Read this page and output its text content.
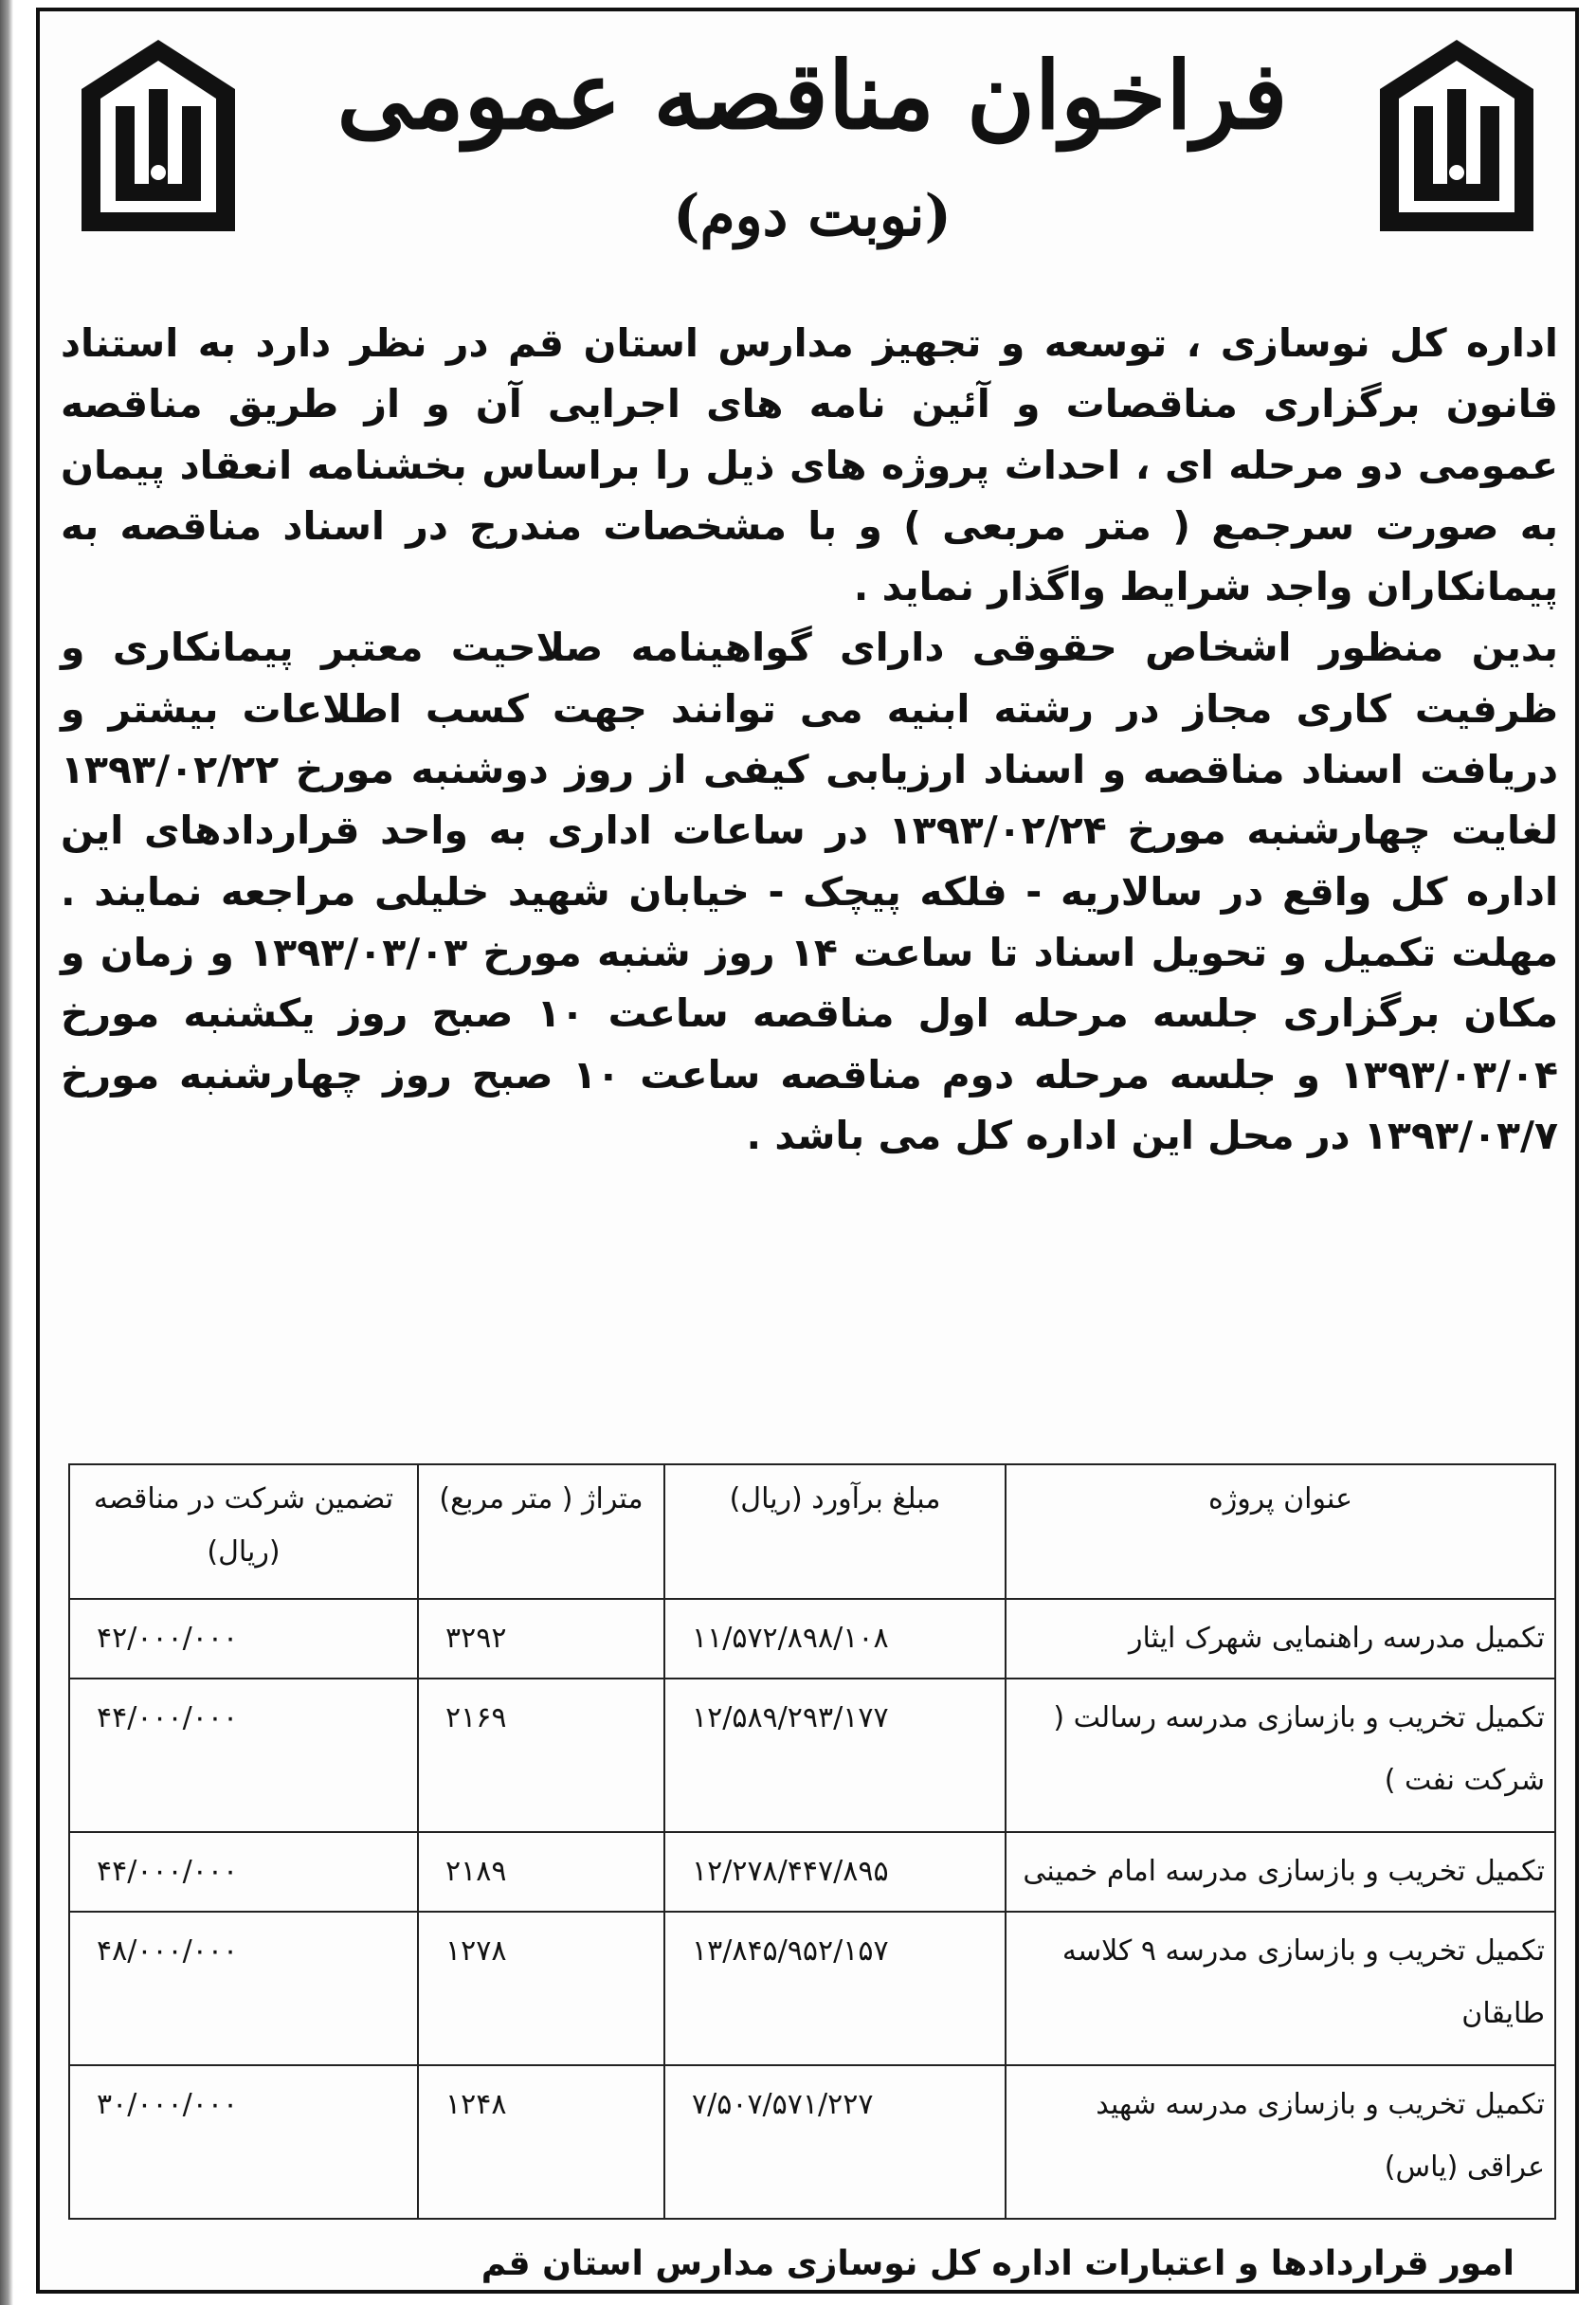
فراخوان مناقصه عمومی
(نوبت دوم)

اداره کل نوسازی ، توسعه و تجهیز مدارس استان قم در نظر دارد به استناد قانون برگزاری مناقصات و آئین نامه های اجرایی آن و از طریق مناقصه عمومی دو مرحله ای ، احداث پروژه های ذیل را براساس بخشنامه انعقاد پیمان به صورت سرجمع ( متر مربعی ) و با مشخصات مندرج در اسناد مناقصه به پیمانکاران واجد شرایط واگذار نماید .

بدین منظور اشخاص حقوقی دارای گواهینامه صلاحیت معتبر پیمانکاری و ظرفیت کاری مجاز در رشته ابنیه می توانند جهت کسب اطلاعات بیشتر و دریافت اسناد مناقصه و اسناد ارزیابی کیفی از روز دوشنبه مورخ ۱۳۹۳/۰۲/۲۲ لغایت چهارشنبه مورخ ۱۳۹۳/۰۲/۲۴ در ساعات اداری به واحد قراردادهای این اداره کل واقع در سالاریه - فلکه پیچک - خیابان شهید خلیلی مراجعه نمایند . مهلت تکمیل و تحویل اسناد تا ساعت ۱۴ روز شنبه مورخ ۱۳۹۳/۰۳/۰۳ و زمان و مکان برگزاری جلسه مرحله اول مناقصه ساعت ۱۰ صبح روز یکشنبه مورخ ۱۳۹۳/۰۳/۰۴ و جلسه مرحله دوم مناقصه ساعت ۱۰ صبح روز چهارشنبه مورخ ۱۳۹۳/۰۳/۷ در محل این اداره کل می باشد .

عنوان پروژه	مبلغ برآورد (ریال)	متراژ ( متر مربع)	تضمین شرکت در مناقصه (ریال)
تکمیل مدرسه راهنمایی شهرک ایثار	۱۱/۵۷۲/۸۹۸/۱۰۸	۳۲۹۲	۴۲/۰۰۰/۰۰۰
تکمیل تخریب و بازسازی مدرسه رسالت ( شرکت نفت )	۱۲/۵۸۹/۲۹۳/۱۷۷	۲۱۶۹	۴۴/۰۰۰/۰۰۰
تکمیل تخریب و بازسازی مدرسه امام خمینی	۱۲/۲۷۸/۴۴۷/۸۹۵	۲۱۸۹	۴۴/۰۰۰/۰۰۰
تکمیل تخریب و بازسازی مدرسه ۹ کلاسه طایقان	۱۳/۸۴۵/۹۵۲/۱۵۷	۱۲۷۸	۴۸/۰۰۰/۰۰۰
تکمیل تخریب و بازسازی مدرسه شهید عراقی (یاس)	۷/۵۰۷/۵۷۱/۲۲۷	۱۲۴۸	۳۰/۰۰۰/۰۰۰
امور قراردادها و اعتبارات اداره کل نوسازی مدارس استان قم
